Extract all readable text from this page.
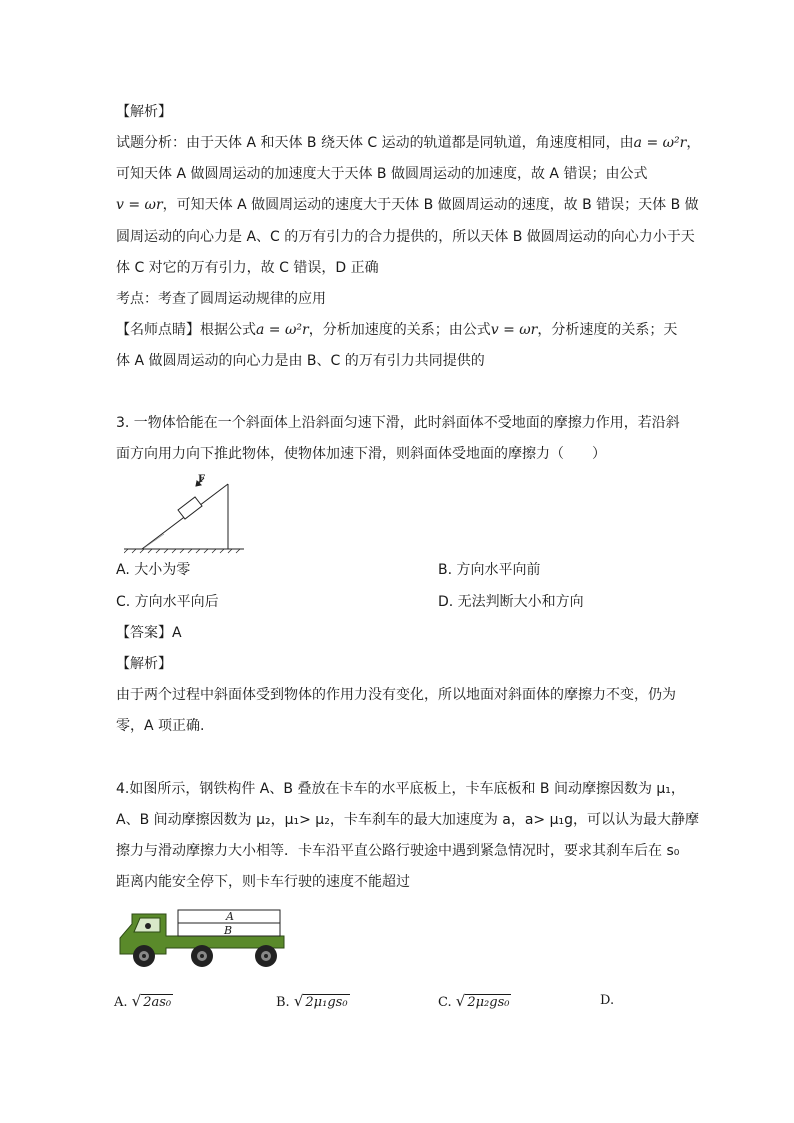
【解析】
试题分析：由于天体 A 和天体 B 绕天体 C 运动的轨道都是同轨道，角速度相同，由a = ω²r，
可知天体 A 做圆周运动的加速度大于天体 B 做圆周运动的加速度，故 A 错误；由公式
v = ωr，可知天体 A 做圆周运动的速度大于天体 B 做圆周运动的速度，故 B 错误；天体 B 做
圆周运动的向心力是 A、C 的万有引力的合力提供的，所以天体 B 做圆周运动的向心力小于天
体 C 对它的万有引力，故 C 错误，D 正确
考点：考查了圆周运动规律的应用
【名师点睛】根据公式a = ω²r，分析加速度的关系；由公式v = ωr，分析速度的关系；天
体 A 做圆周运动的向心力是由 B、C 的万有引力共同提供的
3. 一物体恰能在一个斜面体上沿斜面匀速下滑，此时斜面体不受地面的摩擦力作用，若沿斜
面方向用力向下推此物体，使物体加速下滑，则斜面体受地面的摩擦力（　　）
F
A. 大小为零	B. 方向水平向前
C. 方向水平向后	D. 无法判断大小和方向
【答案】A
【解析】
由于两个过程中斜面体受到物体的作用力没有变化，所以地面对斜面体的摩擦力不变，仍为
零，A 项正确.
4.如图所示，钢铁构件 A、B 叠放在卡车的水平底板上，卡车底板和 B 间动摩擦因数为 μ₁，
A、B 间动摩擦因数为 μ₂，μ₁> μ₂，卡车刹车的最大加速度为 a，a> μ₁g，可以认为最大静摩
擦力与滑动摩擦力大小相等．卡车沿平直公路行驶途中遇到紧急情况时，要求其刹车后在 s₀
距离内能安全停下，则卡车行驶的速度不能超过
A
B
A. √ 2as₀	B. √ 2μ₁gs₀	C. √ 2μ₂gs₀	D.
